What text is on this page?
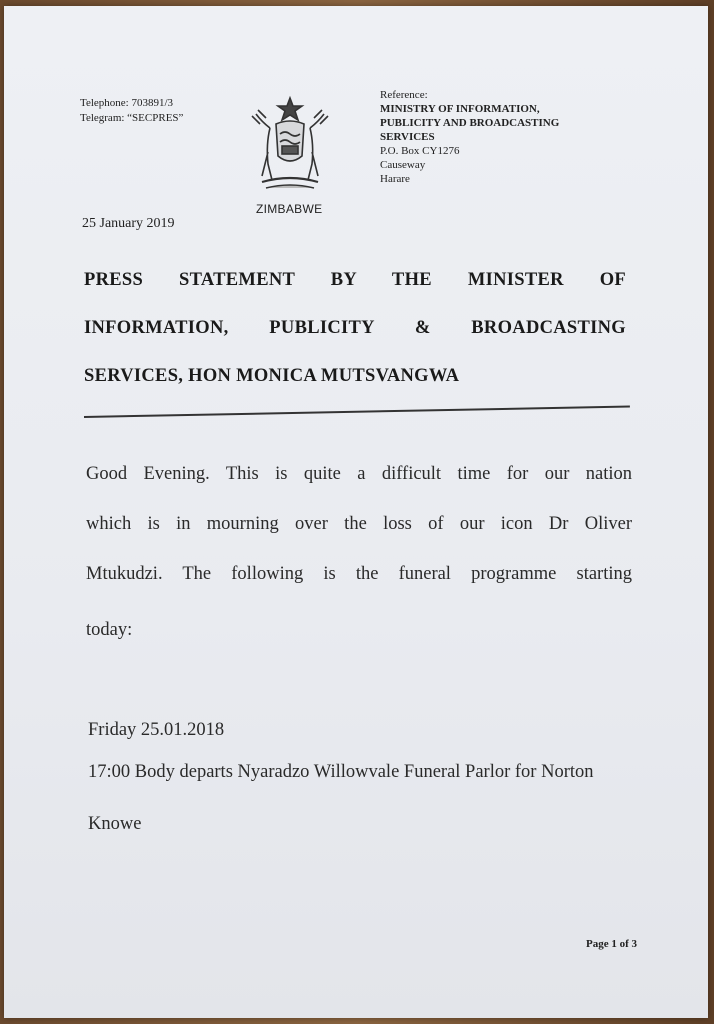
Telephone: 703891/3
Telegram: “SECPRES”
ZIMBABWE
Reference:
MINISTRY OF INFORMATION,
PUBLICITY AND BROADCASTING
SERVICES
P.O. Box CY1276
Causeway
Harare
25 January 2019
PRESS STATEMENT BY THE MINISTER OF
INFORMATION, PUBLICITY & BROADCASTING
SERVICES, HON MONICA MUTSVANGWA
Good Evening. This is quite a difficult time for our nation
which is in mourning over the loss of our icon Dr Oliver
Mtukudzi. The following is the funeral programme starting
today:
Friday 25.01.2018
17:00 Body departs Nyaradzo Willowvale Funeral Parlor for Norton
Knowe
Page 1 of 3
